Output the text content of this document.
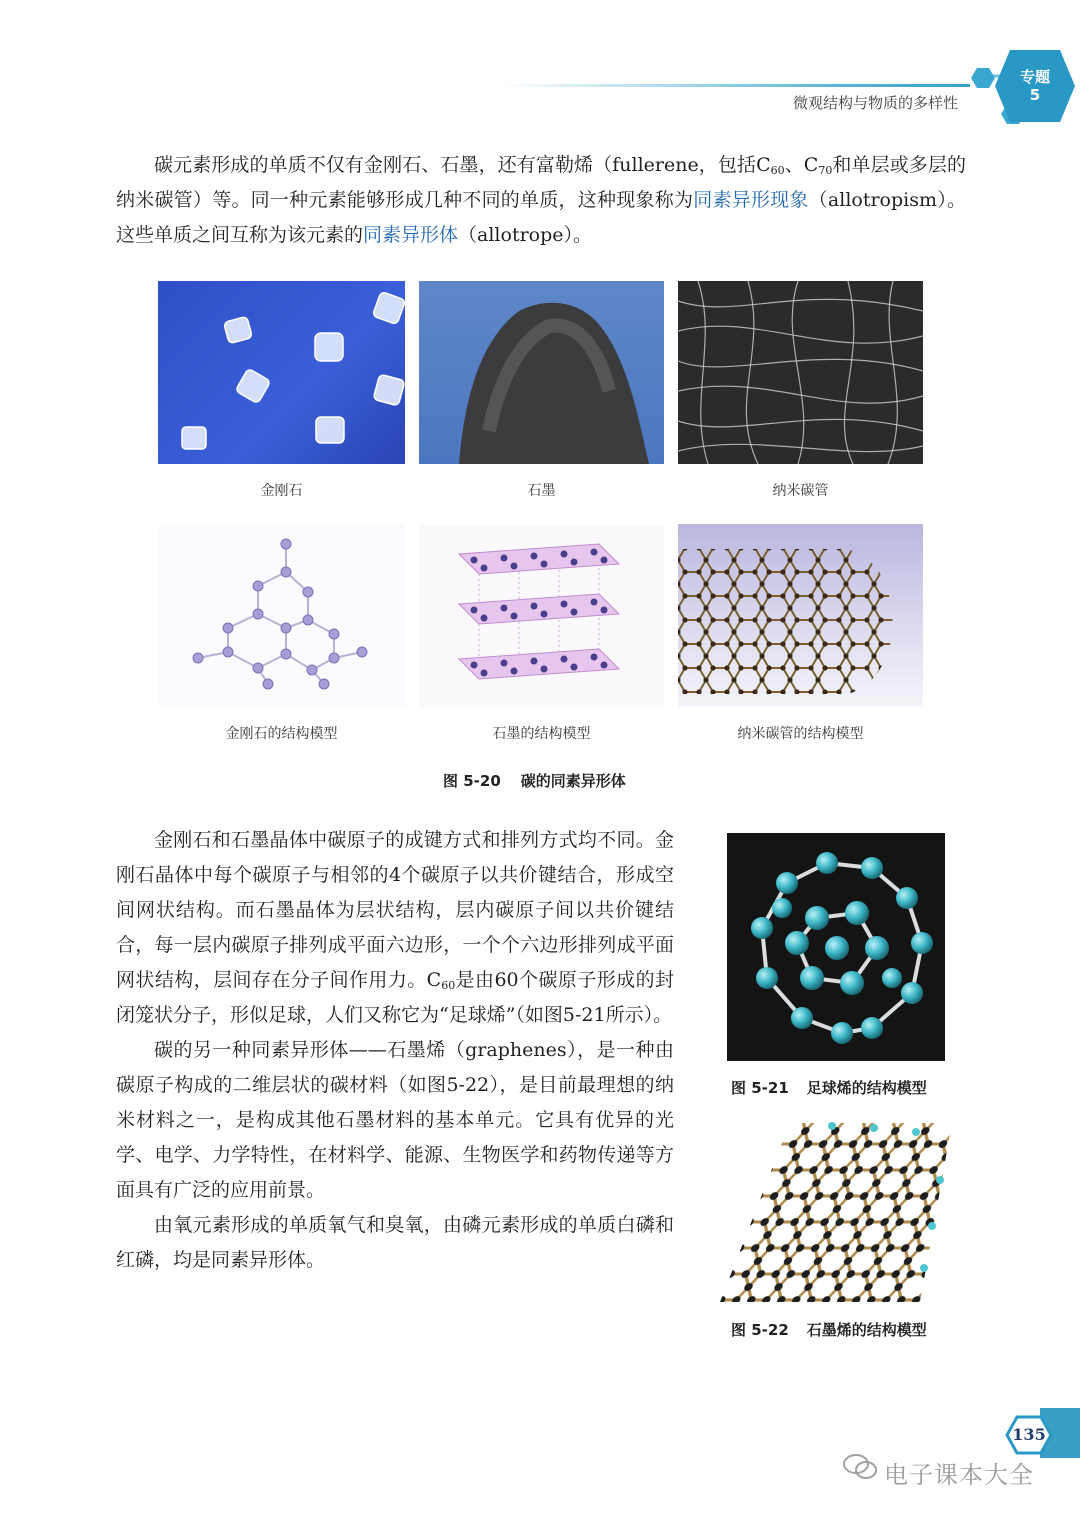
微观结构与物质的多样性
专题
5
碳元素形成的单质不仅有金刚石、石墨，还有富勒烯（fullerene，包括$C_{60}$、$C_{70}$和单层或多层的纳米碳管）等。同一种元素能够形成几种不同的单质，这种现象称为同素异形现象（allotropism）。这些单质之间互称为该元素的同素异形体（allotrope）。
金刚石	石墨	纳米碳管
金刚石的结构模型	石墨的结构模型	纳米碳管的结构模型
图 5-20 碳的同素异形体
金刚石和石墨晶体中碳原子的成键方式和排列方式均不同。金刚石晶体中每个碳原子与相邻的4个碳原子以共价键结合，形成空间网状结构。而石墨晶体为层状结构，层内碳原子间以共价键结合，每一层内碳原子排列成平面六边形，一个个六边形排列成平面网状结构，层间存在分子间作用力。$C_{60}$是由60个碳原子形成的封闭笼状分子，形似足球，人们又称它为“足球烯”（如图5-21所示）。
碳的另一种同素异形体——石墨烯（graphenes），是一种由碳原子构成的二维层状的碳材料（如图5-22），是目前最理想的纳米材料之一，是构成其他石墨材料的基本单元。它具有优异的光学、电学、力学特性，在材料学、能源、生物医学和药物传递等方面具有广泛的应用前景。
由氧元素形成的单质氧气和臭氧，由磷元素形成的单质白磷和红磷，均是同素异形体。
图 5-21 足球烯的结构模型
图 5-22 石墨烯的结构模型
135
电子课本大全
